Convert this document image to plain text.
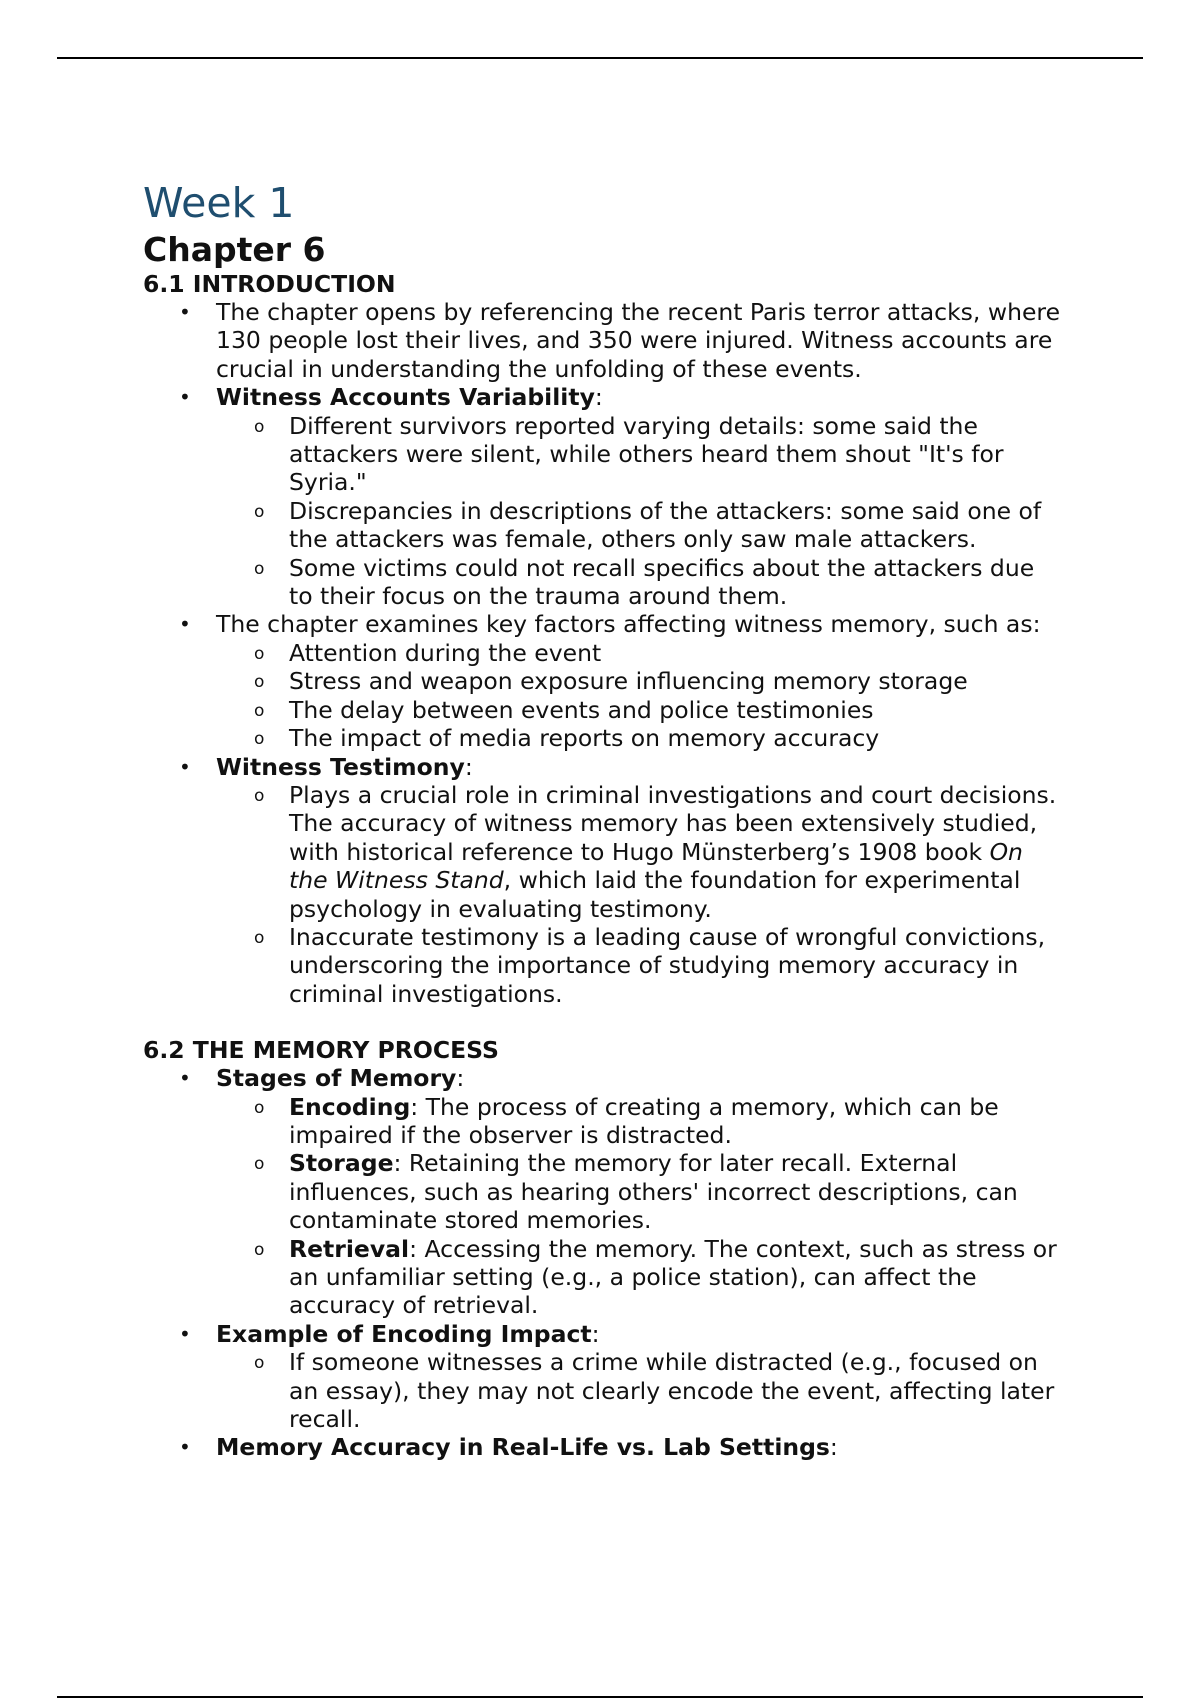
Week 1
Chapter 6
6.1 INTRODUCTION
• The chapter opens by referencing the recent Paris terror attacks, where 130 people lost their lives, and 350 were injured. Witness accounts are crucial in understanding the unfolding of these events.
• Witness Accounts Variability:
o Different survivors reported varying details: some said the attackers were silent, while others heard them shout "It's for Syria."
o Discrepancies in descriptions of the attackers: some said one of the attackers was female, others only saw male attackers.
o Some victims could not recall specifics about the attackers due to their focus on the trauma around them.
• The chapter examines key factors affecting witness memory, such as:
o Attention during the event
o Stress and weapon exposure influencing memory storage
o The delay between events and police testimonies
o The impact of media reports on memory accuracy
• Witness Testimony:
o Plays a crucial role in criminal investigations and court decisions. The accuracy of witness memory has been extensively studied, with historical reference to Hugo Münsterberg’s 1908 book On the Witness Stand, which laid the foundation for experimental psychology in evaluating testimony.
o Inaccurate testimony is a leading cause of wrongful convictions, underscoring the importance of studying memory accuracy in criminal investigations.
6.2 THE MEMORY PROCESS
• Stages of Memory:
o Encoding: The process of creating a memory, which can be impaired if the observer is distracted.
o Storage: Retaining the memory for later recall. External influences, such as hearing others' incorrect descriptions, can contaminate stored memories.
o Retrieval: Accessing the memory. The context, such as stress or an unfamiliar setting (e.g., a police station), can affect the accuracy of retrieval.
• Example of Encoding Impact:
o If someone witnesses a crime while distracted (e.g., focused on an essay), they may not clearly encode the event, affecting later recall.
• Memory Accuracy in Real-Life vs. Lab Settings:
